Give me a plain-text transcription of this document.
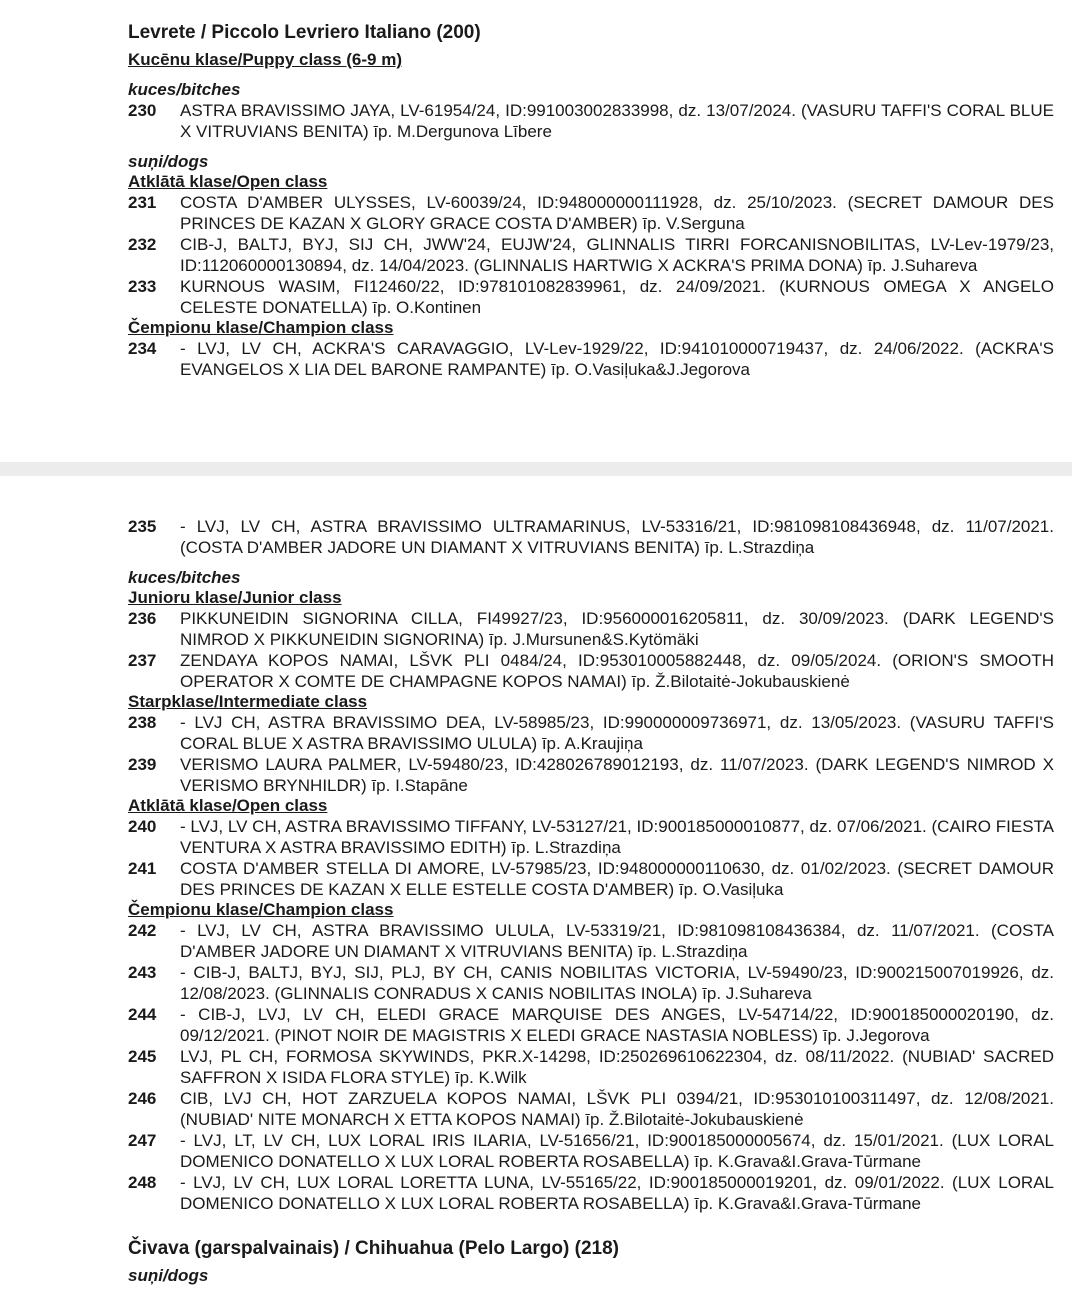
Levrete / Piccolo Levriero Italiano (200)
Kucēnu klase/Puppy class (6-9 m)
kuces/bitches
230	ASTRA BRAVISSIMO JAYA, LV-61954/24, ID:991003002833998, dz. 13/07/2024. (VASURU TAFFI'S CORAL BLUE X VITRUVIANS BENITA) īp. M.Dergunova Lībere
suņi/dogs
Atklātā klase/Open class
231	COSTA D'AMBER ULYSSES, LV-60039/24, ID:948000000111928, dz. 25/10/2023. (SECRET DAMOUR DES PRINCES DE KAZAN X GLORY GRACE COSTA D'AMBER) īp. V.Serguna
232	CIB-J, BALTJ, BYJ, SIJ CH, JWW'24, EUJW'24, GLINNALIS TIRRI FORCANISNOBILITAS, LV-Lev-1979/23, ID:112060000130894, dz. 14/04/2023. (GLINNALIS HARTWIG X ACKRA'S PRIMA DONA) īp. J.Suhareva
233	KURNOUS WASIM, FI12460/22, ID:978101082839961, dz. 24/09/2021. (KURNOUS OMEGA X ANGELO CELESTE DONATELLA) īp. O.Kontinen
Čempionu klase/Champion class
234	- LVJ, LV CH, ACKRA'S CARAVAGGIO, LV-Lev-1929/22, ID:941010000719437, dz. 24/06/2022. (ACKRA'S EVANGELOS X LIA DEL BARONE RAMPANTE) īp. O.Vasiļuka&J.Jegorova
235	- LVJ, LV CH, ASTRA BRAVISSIMO ULTRAMARINUS, LV-53316/21, ID:981098108436948, dz. 11/07/2021. (COSTA D'AMBER JADORE UN DIAMANT X VITRUVIANS BENITA) īp. L.Strazdiņa
kuces/bitches
Junioru klase/Junior class
236	PIKKUNEIDIN SIGNORINA CILLA, FI49927/23, ID:956000016205811, dz. 30/09/2023. (DARK LEGEND'S NIMROD X PIKKUNEIDIN SIGNORINA) īp. J.Mursunen&S.Kytömäki
237	ZENDAYA KOPOS NAMAI, LŠVK PLI 0484/24, ID:953010005882448, dz. 09/05/2024. (ORION'S SMOOTH OPERATOR X COMTE DE CHAMPAGNE KOPOS NAMAI) īp. Ž.Bilotaitė-Jokubauskienė
Starpklase/Intermediate class
238	- LVJ CH, ASTRA BRAVISSIMO DEA, LV-58985/23, ID:990000009736971, dz. 13/05/2023. (VASURU TAFFI'S CORAL BLUE X ASTRA BRAVISSIMO ULULA) īp. A.Kraujiņa
239	VERISMO LAURA PALMER, LV-59480/23, ID:428026789012193, dz. 11/07/2023. (DARK LEGEND'S NIMROD X VERISMO BRYNHILDR) īp. I.Stapāne
Atklātā klase/Open class
240	- LVJ, LV CH, ASTRA BRAVISSIMO TIFFANY, LV-53127/21, ID:900185000010877, dz. 07/06/2021. (CAIRO FIESTA VENTURA X ASTRA BRAVISSIMO EDITH) īp. L.Strazdiņa
241	COSTA D'AMBER STELLA DI AMORE, LV-57985/23, ID:948000000110630, dz. 01/02/2023. (SECRET DAMOUR DES PRINCES DE KAZAN X ELLE ESTELLE COSTA D'AMBER) īp. O.Vasiļuka
Čempionu klase/Champion class
242	- LVJ, LV CH, ASTRA BRAVISSIMO ULULA, LV-53319/21, ID:981098108436384, dz. 11/07/2021. (COSTA D'AMBER JADORE UN DIAMANT X VITRUVIANS BENITA) īp. L.Strazdiņa
243	- CIB-J, BALTJ, BYJ, SIJ, PLJ, BY CH, CANIS NOBILITAS VICTORIA, LV-59490/23, ID:900215007019926, dz. 12/08/2023. (GLINNALIS CONRADUS X CANIS NOBILITAS INOLA) īp. J.Suhareva
244	- CIB-J, LVJ, LV CH, ELEDI GRACE MARQUISE DES ANGES, LV-54714/22, ID:900185000020190, dz. 09/12/2021. (PINOT NOIR DE MAGISTRIS X ELEDI GRACE NASTASIA NOBLESS) īp. J.Jegorova
245	LVJ, PL CH, FORMOSA SKYWINDS, PKR.X-14298, ID:250269610622304, dz. 08/11/2022. (NUBIAD' SACRED SAFFRON X ISIDA FLORA STYLE) īp. K.Wilk
246	CIB, LVJ CH, HOT ZARZUELA KOPOS NAMAI, LŠVK PLI 0394/21, ID:953010100311497, dz. 12/08/2021. (NUBIAD' NITE MONARCH X ETTA KOPOS NAMAI) īp. Ž.Bilotaitė-Jokubauskienė
247	- LVJ, LT, LV CH, LUX LORAL IRIS ILARIA, LV-51656/21, ID:900185000005674, dz. 15/01/2021. (LUX LORAL DOMENICO DONATELLO X LUX LORAL ROBERTA ROSABELLA) īp. K.Grava&I.Grava-Tūrmane
248	- LVJ, LV CH, LUX LORAL LORETTA LUNA, LV-55165/22, ID:900185000019201, dz. 09/01/2022. (LUX LORAL DOMENICO DONATELLO X LUX LORAL ROBERTA ROSABELLA) īp. K.Grava&I.Grava-Tūrmane
Čivava (garspalvainais) / Chihuahua (Pelo Largo) (218)
suņi/dogs
